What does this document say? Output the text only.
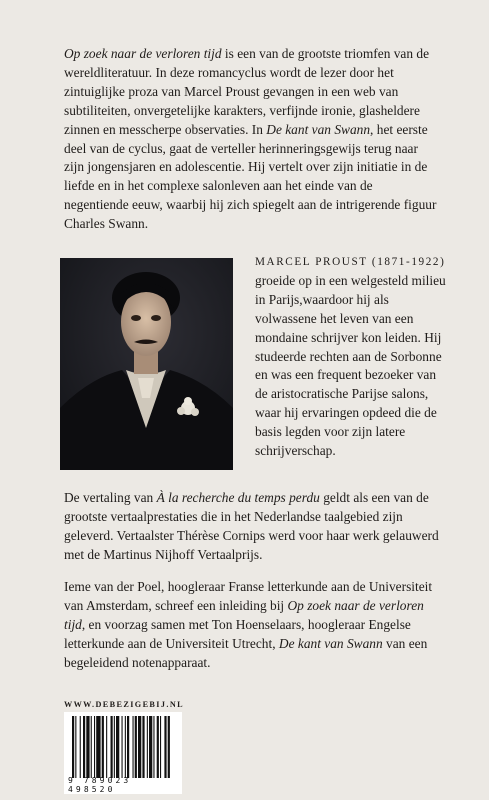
Op zoek naar de verloren tijd is een van de grootste triomfen van de wereldliteratuur. In deze romancyclus wordt de lezer door het zintuiglijke proza van Marcel Proust gevangen in een web van subtiliteiten, onvergetelijke karakters, verfijnde ironie, glasheldere zinnen en messcherpe observaties. In De kant van Swann, het eerste deel van de cyclus, gaat de verteller herinneringsgewijs terug naar zijn jongensjaren en adolescentie. Hij vertelt over zijn initiatie in de liefde en in het complexe salonleven aan het einde van de negentiende eeuw, waarbij hij zich spiegelt aan de intrigerende figuur Charles Swann.

MARCEL PROUST (1871-1922) groeide op in een welgesteld milieu in Parijs,waardoor hij als volwassene het leven van een mondaine schrijver kon leiden. Hij studeerde rechten aan de Sorbonne en was een frequent bezoeker van de aristocratische Parijse salons, waar hij ervaringen opdeed die de basis legden voor zijn latere schrijverschap.

De vertaling van À la recherche du temps perdu geldt als een van de grootste vertaalprestaties die in het Nederlandse taalgebied zijn geleverd. Vertaalster Thérèse Cornips werd voor haar werk gelauwerd met de Martinus Nijhoff Vertaalprijs.

Ieme van der Poel, hoogleraar Franse letterkunde aan de Universiteit van Amsterdam, schreef een inleiding bij Op zoek naar de verloren tijd, en voorzag samen met Ton Hoenselaars, hoogleraar Engelse letterkunde aan de Universiteit Utrecht, De kant van Swann van een begeleidend notenapparaat.

WWW.DEBEZIGEBIJ.NL
9 789023 498520
